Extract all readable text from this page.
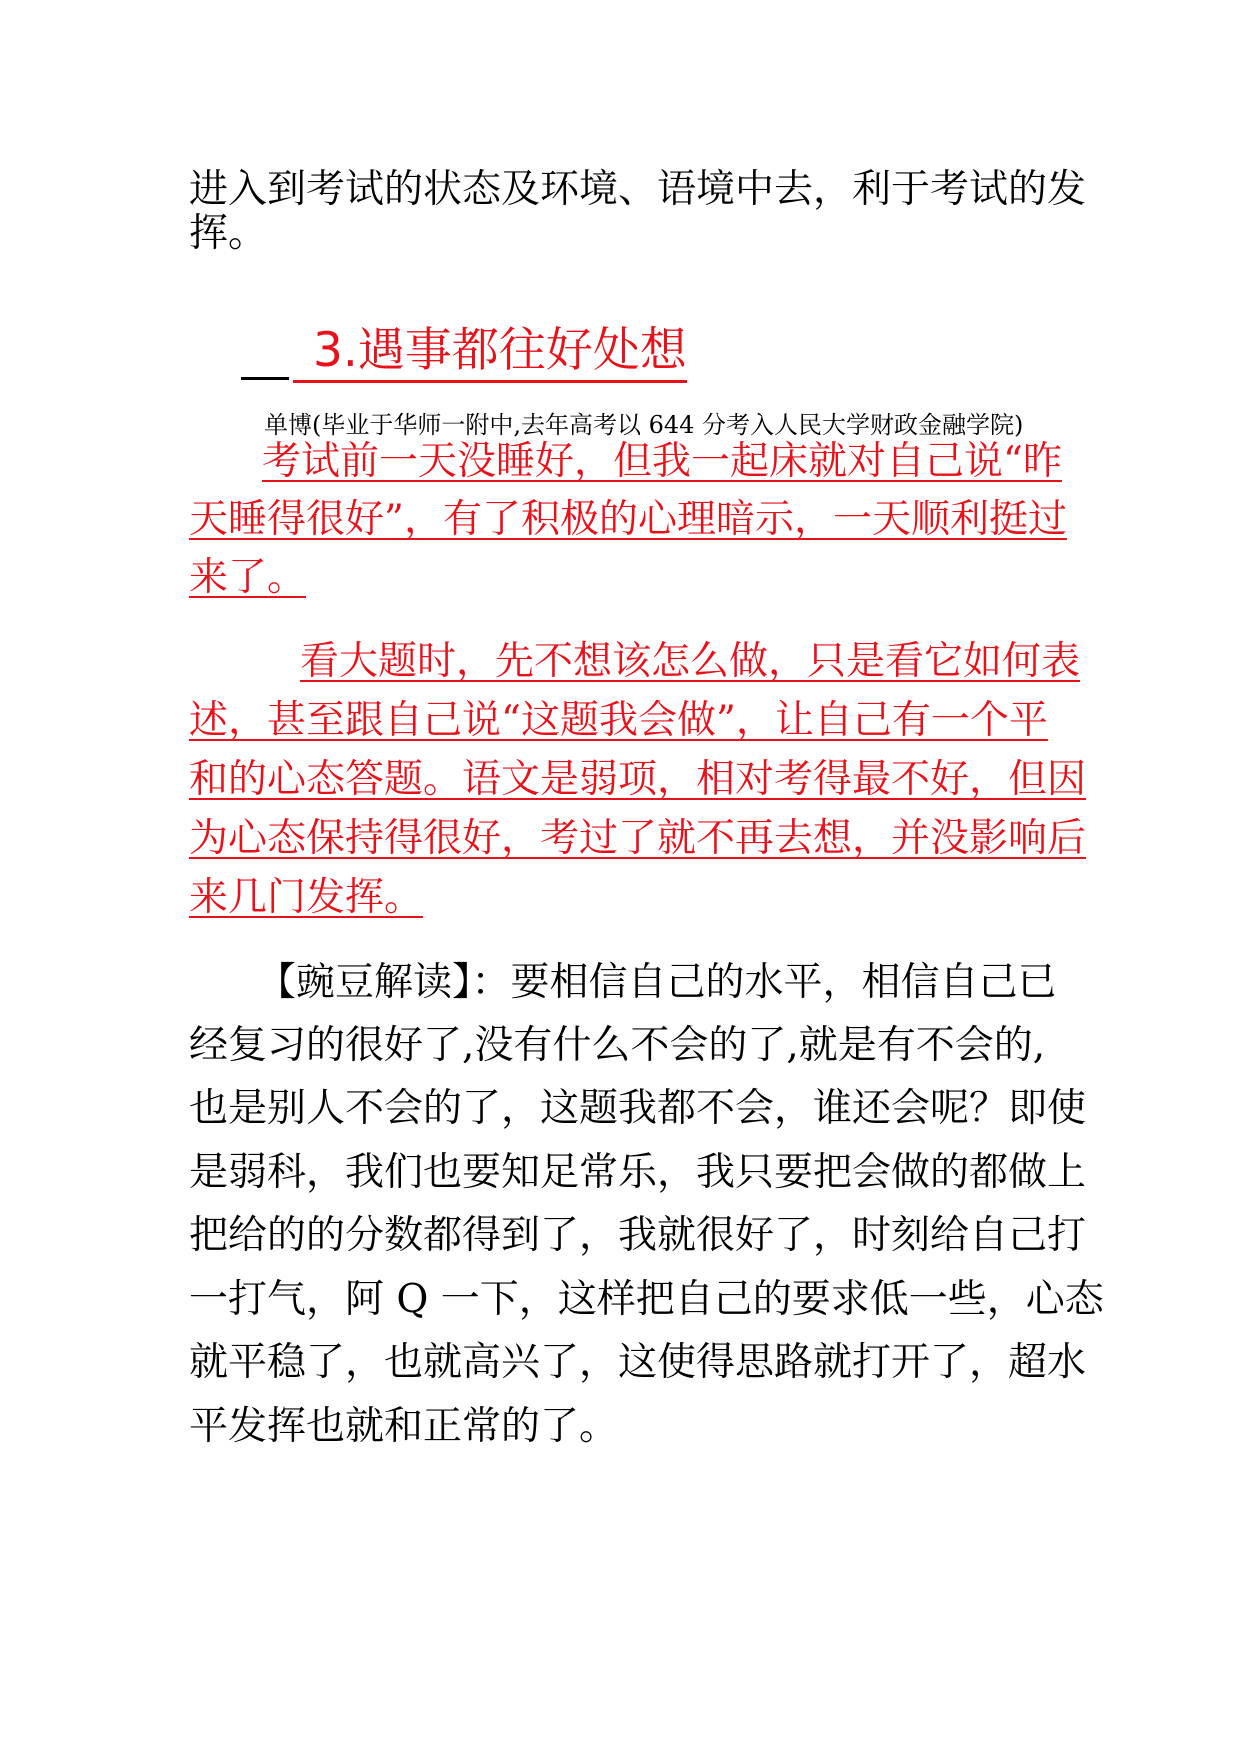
进入到考试的状态及环境、语境中去，利于考试的发
挥。
3.遇事都往好处想
单博(毕业于华师一附中,去年高考以 644 分考入人民大学财政金融学院)
考试前一天没睡好，但我一起床就对自己说“昨
天睡得很好”，有了积极的心理暗示，一天顺利挺过
来了。
看大题时，先不想该怎么做，只是看它如何表
述，甚至跟自己说“这题我会做”，让自己有一个平
和的心态答题。语文是弱项，相对考得最不好，但因
为心态保持得很好，考过了就不再去想，并没影响后
来几门发挥。
【豌豆解读】：要相信自己的水平，相信自己已
经复习的很好了,没有什么不会的了,就是有不会的,
也是别人不会的了，这题我都不会，谁还会呢？即使
是弱科，我们也要知足常乐，我只要把会做的都做上
把给的的分数都得到了，我就很好了，时刻给自己打
一打气，阿 Q 一下，这样把自己的要求低一些，心态
就平稳了，也就高兴了，这使得思路就打开了，超水
平发挥也就和正常的了。
